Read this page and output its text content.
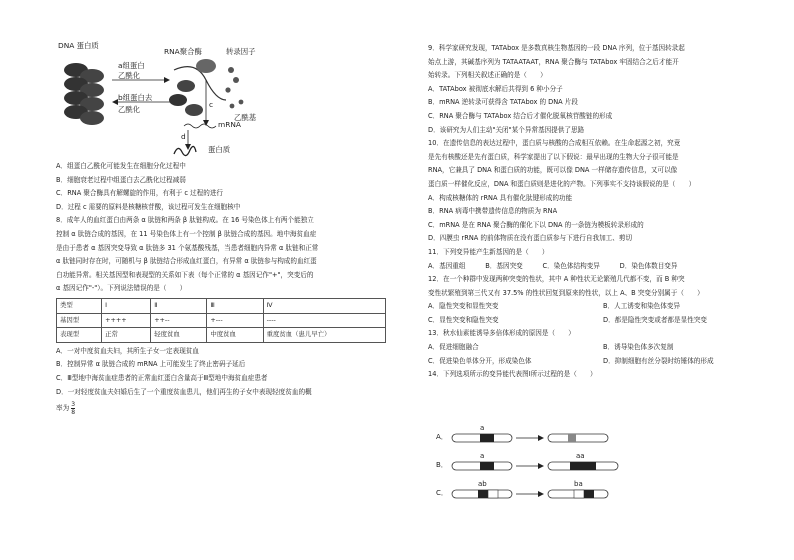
DNA 蛋白质
RNA聚合酶	转录因子
a组蛋白
乙酰化
b组蛋白去
乙酰化
乙酰基
c
mRNA
d
蛋白质
A．组蛋白乙酰化可能发生在细胞分化过程中
B．细胞衰老过程中组蛋白去乙酰化过程减弱
C．RNA 聚合酶具有解螺旋的作用，有利于 c 过程的进行
D．过程 c 需要的原料是核糖核苷酸，该过程可发生在细胞核中
8．成年人的血红蛋白由两条 α 肽链和两条 β 肽链构成。在 16 号染色体上有两个能独立
控制 α 肽链合成的基因，在 11 号染色体上有一个控制 β 肽链合成的基因。地中海贫血症
是由于患者 α 基因突变导致 α 肽链多 31 个氨基酸残基，当患者细胞内异常 α 肽链和正常
α 肽链同时存在时，可随机与 β 肽链结合形成血红蛋白，有异常 α 肽链参与构成的血红蛋
白功能异常。相关基因型和表现型的关系如下表（每个正常的 α 基因记作"+"，突变后的
α 基因记作"-"）。下列说法错误的是（　　）
类型	I	Ⅱ	Ⅲ	Ⅳ
基因型	++++	++--	+---	----
表现型	正常	轻度贫血	中度贫血	重度贫血（患儿早亡）
A．一对中度贫血夫妇，其所生子女一定表现贫血
B．控制异常 α 肽链合成的 mRNA 上可能发生了终止密码子延后
C．Ⅲ型地中海贫血症患者的正常血红蛋白含量高于Ⅲ型地中海贫血症患者
D．一对轻度贫血夫妇婚后生了一个重度贫血患儿，他们再生的子女中表现轻度贫血的概
率为 $\frac{3}{8}$
9．科学家研究发现，TATAbox 是多数真核生物基因的一段 DNA 序列，位于基因转录起
始点上游，其碱基序列为 TATAATAAT，RNA 聚合酶与 TATAbox 牢固结合之后才能开
始转录。下列相关叙述正确的是（　　）
A．TATAbox 被彻底水解后共得到 6 种小分子
B．mRNA 逆转录可获得含 TATAbox 的 DNA 片段
C．RNA 聚合酶与 TATAbox 结合后才催化脱氧核苷酸链的形成
D．该研究为人们主动"关闭"某个异常基因提供了思路
10．在遗传信息的表达过程中，蛋白质与核酸的合成相互依赖。在生命起源之初，究竟
是先有核酸还是先有蛋白质，科学家提出了以下假说：最早出现的生物大分子很可能是
RNA，它兼具了 DNA 和蛋白质的功能，既可以像 DNA 一样储存遗传信息，又可以像
蛋白质一样催化反应，DNA 和蛋白质则是进化的产物。下列事实不支持该假说的是（　　）
A．构成核糖体的 rRNA 具有催化肽键形成的功能
B．RNA 病毒中携带遗传信息的物质为 RNA
C．mRNA 是在 RNA 聚合酶的催化下以 DNA 的一条链为模板转录形成的
D．四膜虫 rRNA 的前体物质在没有蛋白质参与下进行自我加工、剪切
11．下列变异能产生新基因的是（　　）
A．基因重组　　　B．基因突变　　　C．染色体结构变异　　　D．染色体数目变异
12．在一个种群中发现两种突变的性状，其中 A 种性状无论繁殖几代都不变，而 B 种突
变性状繁殖到第三代又有 37.5% 的性状回复到原来的性状，以上 A、B 突变分别属于（　　）
A．隐性突变和显性突变	B．人工诱变和染色体变异
C．显性突变和隐性突变	D．都是隐性突变或者都是显性突变
13．秋水仙素能诱导多倍体形成的原因是（　　）
A．促进细胞融合	B．诱导染色体多次复制
C．促进染色单体分开，形成染色体	D．抑制细胞有丝分裂时纺锤体的形成
14．下列选项所示的变异能代表图Ⅰ所示过程的是（　　）
A．
a
B．
a	aa
C．
ab	ba
